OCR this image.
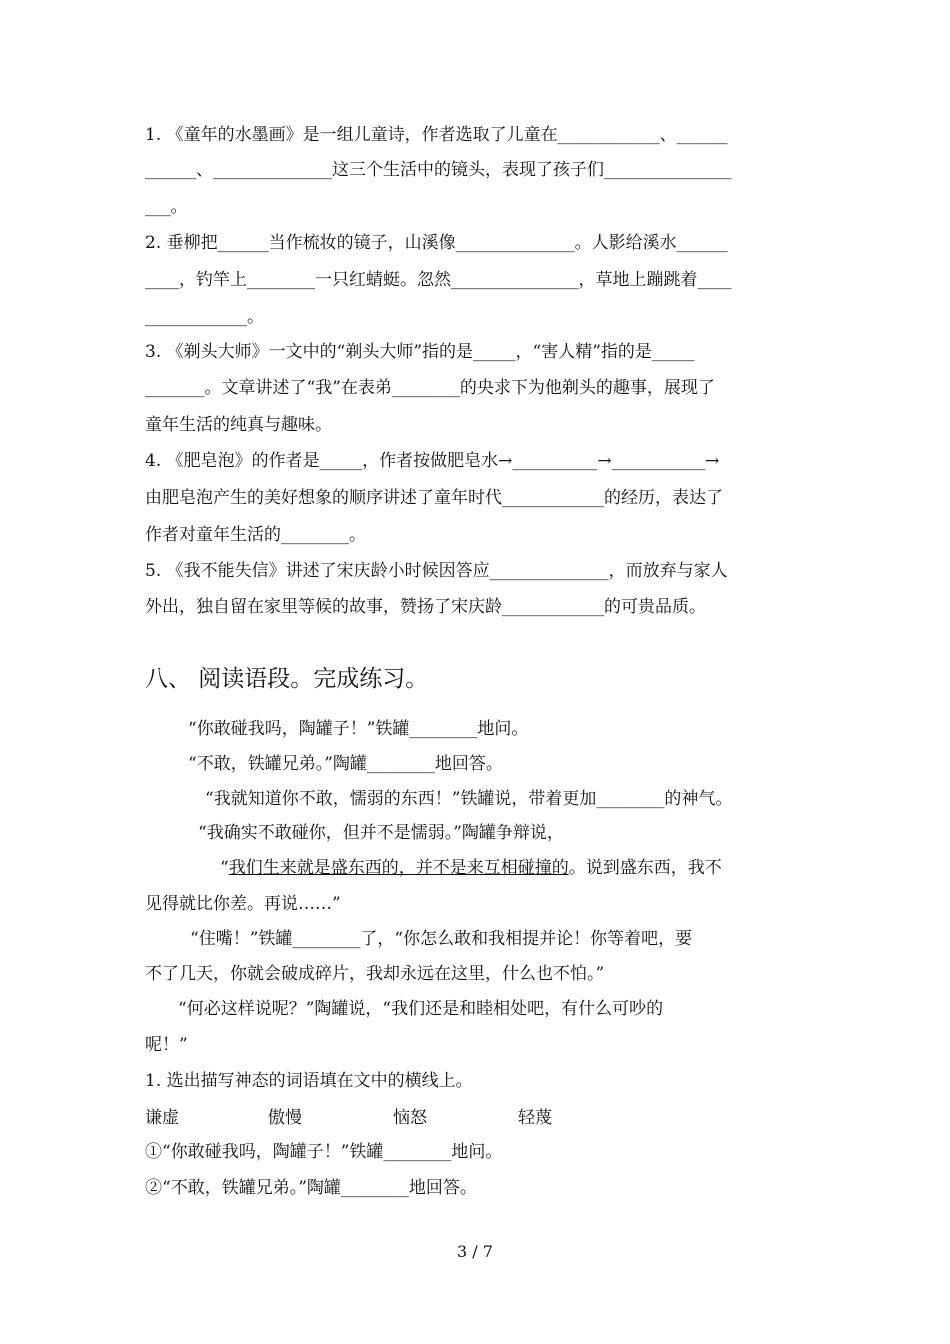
1. 《童年的水墨画》是一组儿童诗，作者选取了儿童在____________、______
______、______________这三个生活中的镜头，表现了孩子们_______________
___。
2. 垂柳把______当作梳妆的镜子，山溪像______________。人影给溪水______
____，钓竿上________一只红蜻蜓。忽然_______________，草地上蹦跳着____
____________。
3. 《剃头大师》一文中的“剃头大师”指的是_____，“害人精”指的是_____
_______。文章讲述了“我”在表弟________的央求下为他剃头的趣事，展现了
童年生活的纯真与趣味。
4. 《肥皂泡》的作者是_____，作者按做肥皂水→__________→___________→
由肥皂泡产生的美好想象的顺序讲述了童年时代____________的经历，表达了
作者对童年生活的________。
5. 《我不能失信》讲述了宋庆龄小时候因答应______________，而放弃与家人
外出，独自留在家里等候的故事，赞扬了宋庆龄____________的可贵品质。
八、 阅读语段。完成练习。
“你敢碰我吗，陶罐子！”铁罐________地问。
“不敢，铁罐兄弟。”陶罐________地回答。
“我就知道你不敢，懦弱的东西！”铁罐说，带着更加________的神气。
“我确实不敢碰你，但并不是懦弱。”陶罐争辩说，
“我们生来就是盛东西的，并不是来互相碰撞的。说到盛东西，我不
见得就比你差。再说……”
“住嘴！”铁罐________了，“你怎么敢和我相提并论！你等着吧，要
不了几天，你就会破成碎片，我却永远在这里，什么也不怕。”
“何必这样说呢？”陶罐说，“我们还是和睦相处吧，有什么可吵的
呢！”
1. 选出描写神态的词语填在文中的横线上。
谦虚	傲慢	恼怒	轻蔑
①“你敢碰我吗，陶罐子！”铁罐________地问。
②“不敢，铁罐兄弟。”陶罐________地回答。
3 / 7
